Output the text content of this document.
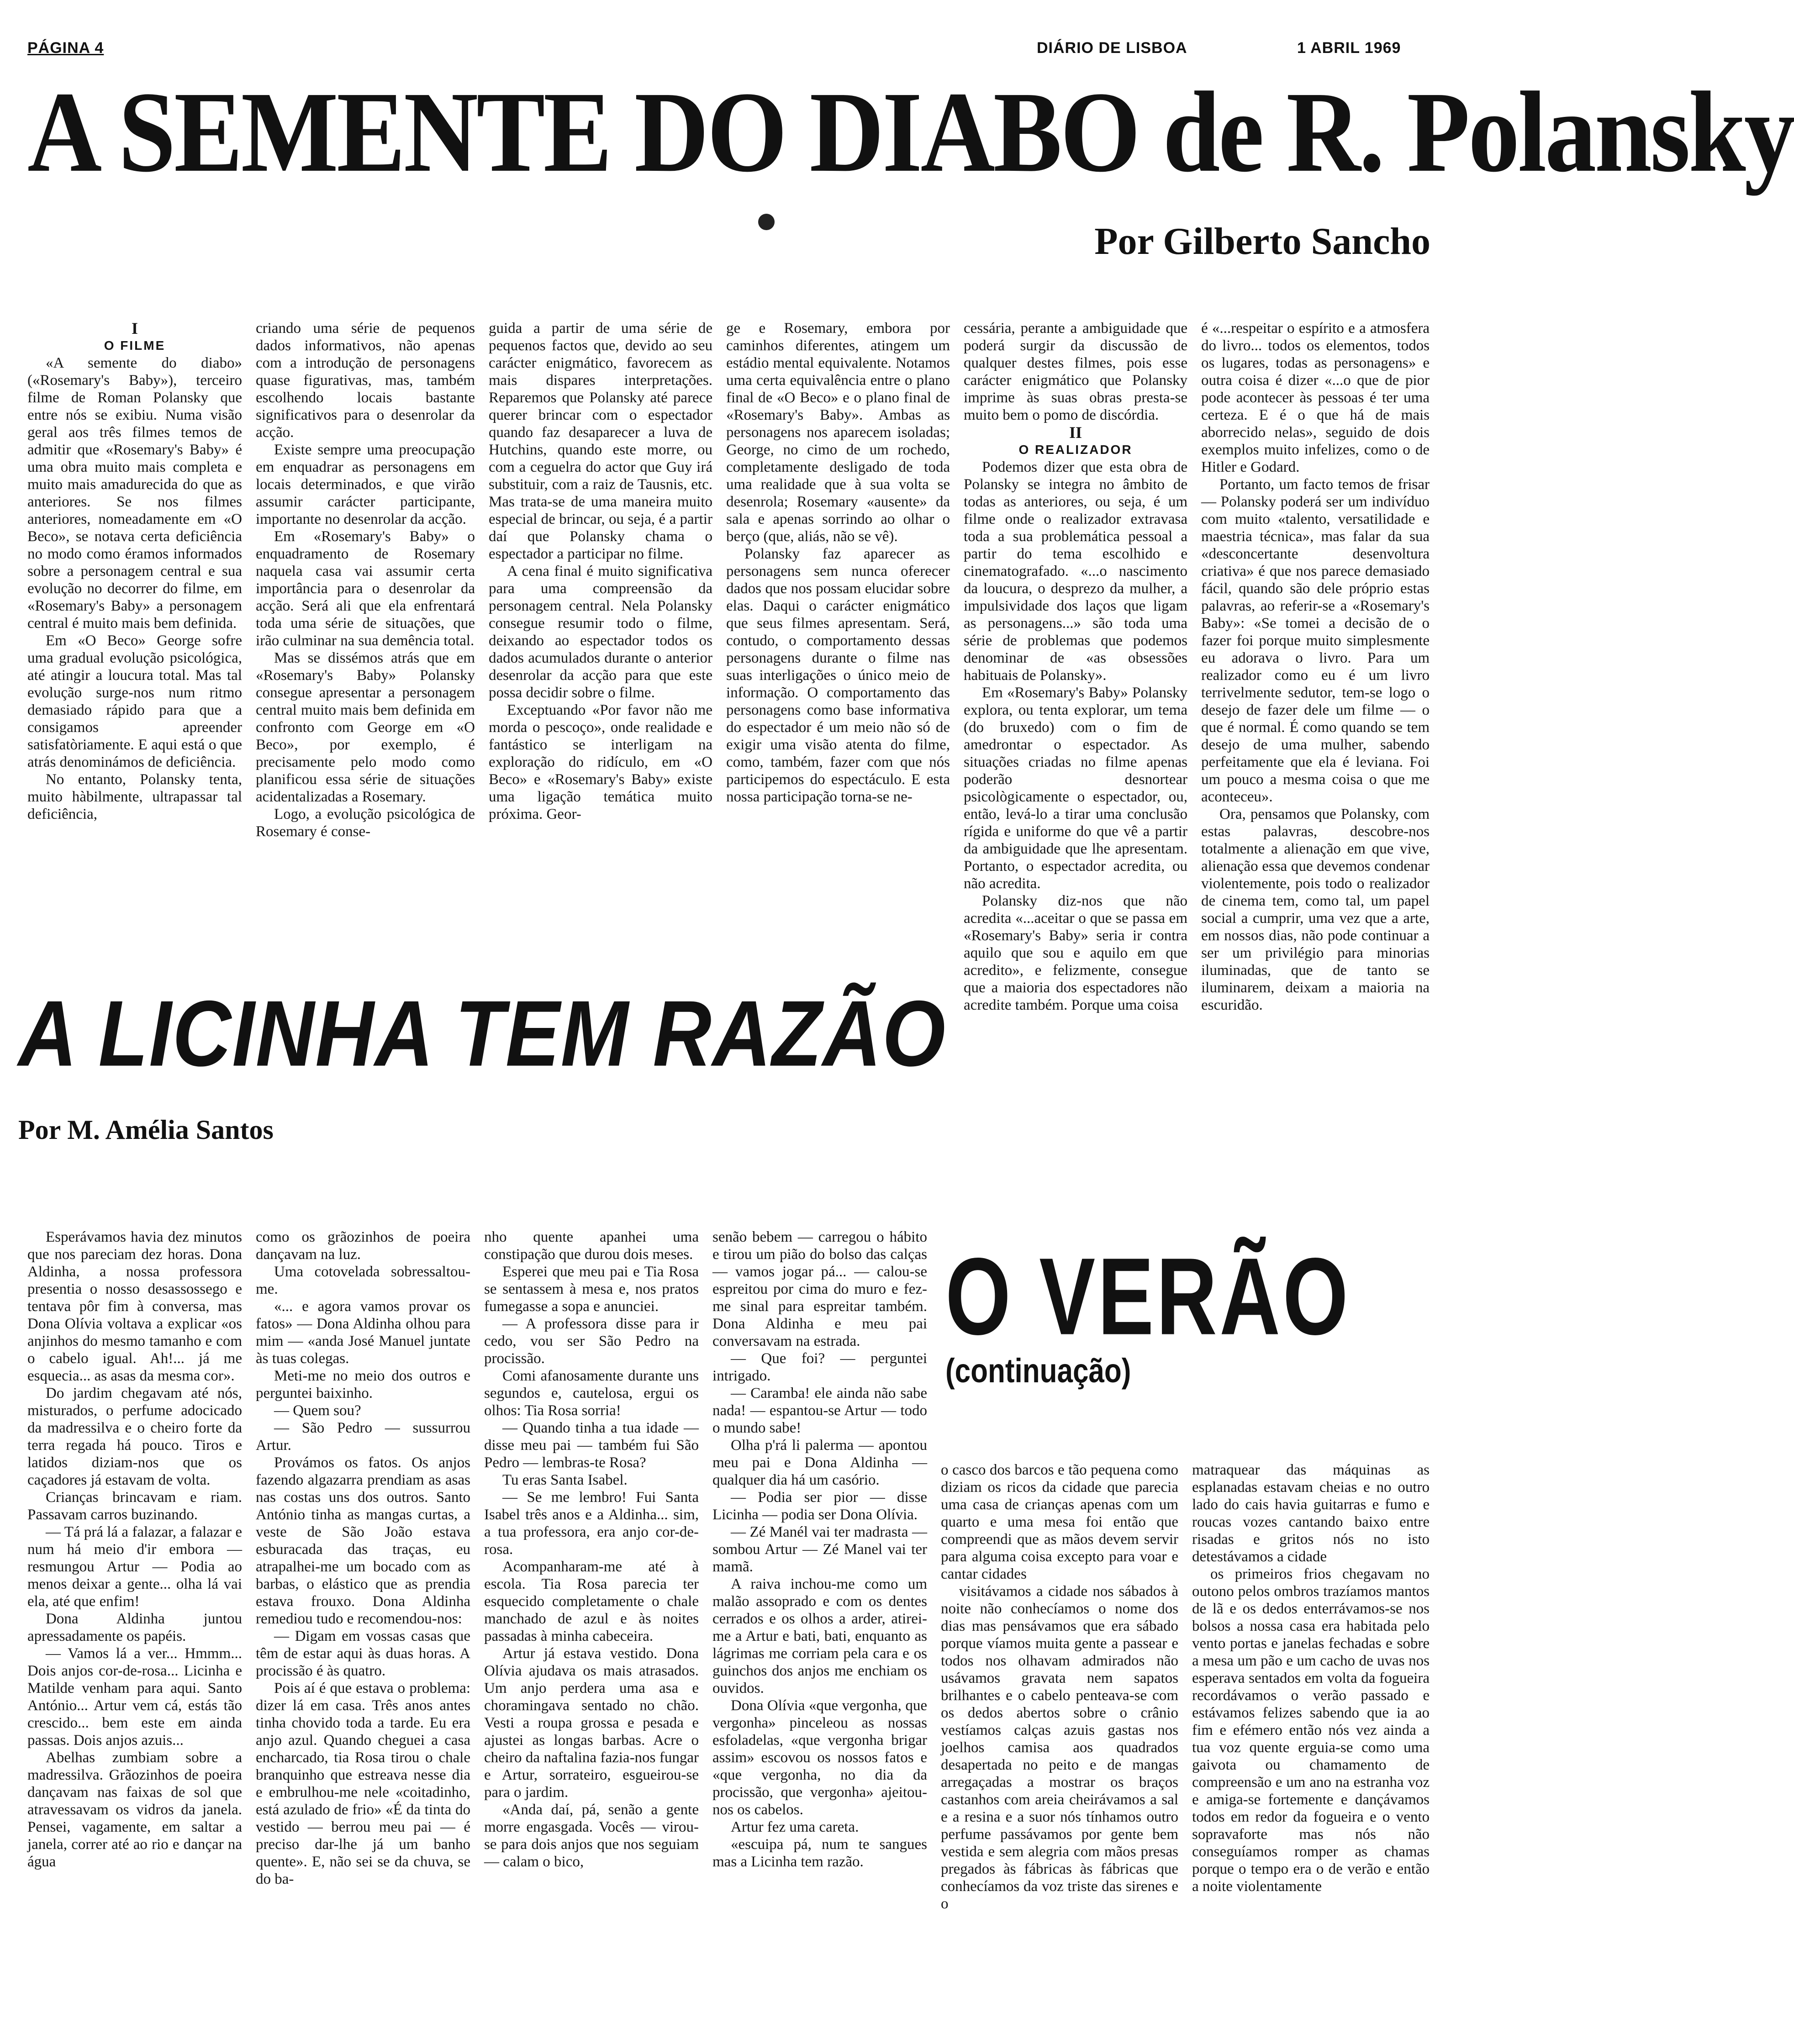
PÁGINA 4	DIÁRIO DE LISBOA	1 ABRIL 1969
A SEMENTE DO DIABO de R. Polansky
Por Gilberto Sancho

I

O FILME

«A semente do diabo» («Rosemary's Baby»), terceiro filme de Roman Polansky que entre nós se exibiu. Numa visão geral aos três filmes temos de admitir que «Rosemary's Baby» é uma obra muito mais completa e muito mais amadurecida do que as anteriores. Se nos filmes anteriores, nomeadamente em «O Beco», se notava certa deficiência no modo como éramos informados sobre a personagem central e sua evolução no decorrer do filme, em «Rosemary's Baby» a personagem central é muito mais bem definida.

Em «O Beco» George sofre uma gradual evolução psicológica, até atingir a loucura total. Mas tal evolução surge-nos num ritmo demasiado rápido para que a consigamos apreender satisfatòriamente. E aqui está o que atrás denominámos de deficiência.

No entanto, Polansky tenta, muito hàbilmente, ultrapassar tal deficiência,

criando uma série de pequenos dados informativos, não apenas com a introdução de personagens quase figurativas, mas, também escolhendo locais bastante significativos para o desenrolar da acção.

Existe sempre uma preocupação em enquadrar as personagens em locais determinados, e que virão assumir carácter participante, importante no desenrolar da acção.

Em «Rosemary's Baby» o enquadramento de Rosemary naquela casa vai assumir certa importância para o desenrolar da acção. Será ali que ela enfrentará toda uma série de situações, que irão culminar na sua demência total.

Mas se dissémos atrás que em «Rosemary's Baby» Polansky consegue apresentar a personagem central muito mais bem definida em confronto com George em «O Beco», por exemplo, é precisamente pelo modo como planificou essa série de situações acidentalizadas a Rosemary.

Logo, a evolução psicológica de Rosemary é conse-

guida a partir de uma série de pequenos factos que, devido ao seu carácter enigmático, favorecem as mais dispares interpretações. Reparemos que Polansky até parece querer brincar com o espectador quando faz desaparecer a luva de Hutchins, quando este morre, ou com a ceguelra do actor que Guy irá substituir, com a raiz de Tausnis, etc. Mas trata-se de uma maneira muito especial de brincar, ou seja, é a partir daí que Polansky chama o espectador a participar no filme.

A cena final é muito significativa para uma compreensão da personagem central. Nela Polansky consegue resumir todo o filme, deixando ao espectador todos os dados acumulados durante o anterior desenrolar da acção para que este possa decidir sobre o filme.

Exceptuando «Por favor não me morda o pescoço», onde realidade e fantástico se interligam na exploração do ridículo, em «O Beco» e «Rosemary's Baby» existe uma ligação temática muito próxima. Geor-

ge e Rosemary, embora por caminhos diferentes, atingem um estádio mental equivalente. Notamos uma certa equivalência entre o plano final de «O Beco» e o plano final de «Rosemary's Baby». Ambas as personagens nos aparecem isoladas; George, no cimo de um rochedo, completamente desligado de toda uma realidade que à sua volta se desenrola; Rosemary «ausente» da sala e apenas sorrindo ao olhar o berço (que, aliás, não se vê).

Polansky faz aparecer as personagens sem nunca oferecer dados que nos possam elucidar sobre elas. Daqui o carácter enigmático que seus filmes apresentam. Será, contudo, o comportamento dessas personagens durante o filme nas suas interligações o único meio de informação. O comportamento das personagens como base informativa do espectador é um meio não só de exigir uma visão atenta do filme, como, também, fazer com que nós participemos do espectáculo. E esta nossa participação torna-se ne-

cessária, perante a ambiguidade que poderá surgir da discussão de qualquer destes filmes, pois esse carácter enigmático que Polansky imprime às suas obras presta-se muito bem o pomo de discórdia.

II

O REALIZADOR

Podemos dizer que esta obra de Polansky se integra no âmbito de todas as anteriores, ou seja, é um filme onde o realizador extravasa toda a sua problemática pessoal a partir do tema escolhido e cinematografado. «...o nascimento da loucura, o desprezo da mulher, a impulsividade dos laços que ligam as personagens...» são toda uma série de problemas que podemos denominar de «as obsessões habituais de Polansky».

Em «Rosemary's Baby» Polansky explora, ou tenta explorar, um tema (do bruxedo) com o fim de amedrontar o espectador. As situações criadas no filme apenas poderão desnortear psicològicamente o espectador, ou, então, levá-lo a tirar uma conclusão rígida e uniforme do que vê a partir da ambiguidade que lhe apresentam. Portanto, o espectador acredita, ou não acredita.

Polansky diz-nos que não acredita «...aceitar o que se passa em «Rosemary's Baby» seria ir contra aquilo que sou e aquilo em que acredito», e felizmente, consegue que a maioria dos espectadores não acredite também. Porque uma coisa

é «...respeitar o espírito e a atmosfera do livro... todos os elementos, todos os lugares, todas as personagens» e outra coisa é dizer «...o que de pior pode acontecer às pessoas é ter uma certeza. E é o que há de mais aborrecido nelas», seguido de dois exemplos muito infelizes, como o de Hitler e Godard.

Portanto, um facto temos de frisar — Polansky poderá ser um indivíduo com muito «talento, versatilidade e maestria técnica», mas falar da sua «desconcertante desenvoltura criativa» é que nos parece demasiado fácil, quando são dele próprio estas palavras, ao referir-se a «Rosemary's Baby»: «Se tomei a decisão de o fazer foi porque muito simplesmente eu adorava o livro. Para um realizador como eu é um livro terrivelmente sedutor, tem-se logo o desejo de fazer dele um filme — o que é normal. É como quando se tem desejo de uma mulher, sabendo perfeitamente que ela é leviana. Foi um pouco a mesma coisa o que me aconteceu».

Ora, pensamos que Polansky, com estas palavras, descobre-nos totalmente a alienação em que vive, alienação essa que devemos condenar violentemente, pois todo o realizador de cinema tem, como tal, um papel social a cumprir, uma vez que a arte, em nossos dias, não pode continuar a ser um privilégio para minorias iluminadas, que de tanto se iluminarem, deixam a maioria na escuridão.

A LICINHA TEM RAZÃO
Por M. Amélia Santos

Esperávamos havia dez minutos que nos pareciam dez horas. Dona Aldinha, a nossa professora presentia o nosso desassossego e tentava pôr fim à conversa, mas Dona Olívia voltava a explicar «os anjinhos do mesmo tamanho e com o cabelo igual. Ah!... já me esquecia... as asas da mesma cor».

Do jardim chegavam até nós, misturados, o perfume adocicado da madressilva e o cheiro forte da terra regada há pouco. Tiros e latidos diziam-nos que os caçadores já estavam de volta.

Crianças brincavam e riam. Passavam carros buzinando.

— Tá prá lá a falazar, a falazar e num há meio d'ir embora — resmungou Artur — Podia ao menos deixar a gente... olha lá vai ela, até que enfim!

Dona Aldinha juntou apressadamente os papéis.

— Vamos lá a ver... Hmmm... Dois anjos cor-de-rosa... Licinha e Matilde venham para aqui. Santo António... Artur vem cá, estás tão crescido... bem este em ainda passas. Dois anjos azuis...

Abelhas zumbiam sobre a madressilva. Grãozinhos de poeira dançavam nas faixas de sol que atravessavam os vidros da janela. Pensei, vagamente, em saltar a janela, correr até ao rio e dançar na água

como os grãozinhos de poeira dançavam na luz.

Uma cotovelada sobressaltou-me.

«... e agora vamos provar os fatos» — Dona Aldinha olhou para mim — «anda José Manuel juntate às tuas colegas.

Meti-me no meio dos outros e perguntei baixinho.

— Quem sou?

— São Pedro — sussurrou Artur.

Provámos os fatos. Os anjos fazendo algazarra prendiam as asas nas costas uns dos outros. Santo António tinha as mangas curtas, a veste de São João estava esburacada das traças, eu atrapalhei-me um bocado com as barbas, o elástico que as prendia estava frouxo. Dona Aldinha remediou tudo e recomendou-nos:

— Digam em vossas casas que têm de estar aqui às duas horas. A procissão é às quatro.

Pois aí é que estava o problema: dizer lá em casa. Três anos antes tinha chovido toda a tarde. Eu era anjo azul. Quando cheguei a casa encharcado, tia Rosa tirou o chale branquinho que estreava nesse dia e embrulhou-me nele «coitadinho, está azulado de frio» «É da tinta do vestido — berrou meu pai — é preciso dar-lhe já um banho quente». E, não sei se da chuva, se do ba-

nho quente apanhei uma constipação que durou dois meses.

Esperei que meu pai e Tia Rosa se sentassem à mesa e, nos pratos fumegasse a sopa e anunciei.

— A professora disse para ir cedo, vou ser São Pedro na procissão.

Comi afanosamente durante uns segundos e, cautelosa, ergui os olhos: Tia Rosa sorria!

— Quando tinha a tua idade — disse meu pai — também fui São Pedro — lembras-te Rosa?

Tu eras Santa Isabel.

— Se me lembro! Fui Santa Isabel três anos e a Aldinha... sim, a tua professora, era anjo cor-de-rosa.

Acompanharam-me até à escola. Tia Rosa parecia ter esquecido completamente o chale manchado de azul e às noites passadas à minha cabeceira.

Artur já estava vestido. Dona Olívia ajudava os mais atrasados. Um anjo perdera uma asa e choramingava sentado no chão. Vesti a roupa grossa e pesada e ajustei as longas barbas. Acre o cheiro da naftalina fazia-nos fungar e Artur, sorrateiro, esgueirou-se para o jardim.

«Anda daí, pá, senão a gente morre engasgada. Vocês — virou-se para dois anjos que nos seguiam — calam o bico,

senão bebem — carregou o hábito e tirou um pião do bolso das calças — vamos jogar pá... — calou-se espreitou por cima do muro e fez-me sinal para espreitar também. Dona Aldinha e meu pai conversavam na estrada.

— Que foi? — perguntei intrigado.

— Caramba! ele ainda não sabe nada! — espantou-se Artur — todo o mundo sabe!

Olha p'rá li palerma — apontou meu pai e Dona Aldinha — qualquer dia há um casório.

— Podia ser pior — disse Licinha — podia ser Dona Olívia.

— Zé Manél vai ter madrasta — sombou Artur — Zé Manel vai ter mamã.

A raiva inchou-me como um malão assoprado e com os dentes cerrados e os olhos a arder, atirei-me a Artur e bati, bati, enquanto as lágrimas me corriam pela cara e os guinchos dos anjos me enchiam os ouvidos.

Dona Olívia «que vergonha, que vergonha» pinceleou as nossas esfoladelas, «que vergonha brigar assim» escovou os nossos fatos e «que vergonha, no dia da procissão, que vergonha» ajeitou-nos os cabelos.

Artur fez uma careta.

«escuipa pá, num te sangues mas a Licinha tem razão.

O VERÃO
(continuação)

o casco dos barcos e tão pequena como diziam os ricos da cidade que parecia uma casa de crianças apenas com um quarto e uma mesa foi então que compreendi que as mãos devem servir para alguma coisa excepto para voar e cantar cidades

visitávamos a cidade nos sábados à noite não conhecíamos o nome dos dias mas pensávamos que era sábado porque víamos muita gente a passear e todos nos olhavam admirados não usávamos gravata nem sapatos brilhantes e o cabelo penteava-se com os dedos abertos sobre o crânio vestíamos calças azuis gastas nos joelhos camisa aos quadrados desapertada no peito e de mangas arregaçadas a mostrar os braços castanhos com areia cheirávamos a sal e a resina e a suor nós tínhamos outro perfume passávamos por gente bem vestida e sem alegria com mãos presas pregados às fábricas às fábricas que conhecíamos da voz triste das sirenes e o

matraquear das máquinas as esplanadas estavam cheias e no outro lado do cais havia guitarras e fumo e roucas vozes cantando baixo entre risadas e gritos nós no isto detestávamos a cidade

os primeiros frios chegavam no outono pelos ombros trazíamos mantos de lã e os dedos enterrávamos-se nos bolsos a nossa casa era habitada pelo vento portas e janelas fechadas e sobre a mesa um pão e um cacho de uvas nos esperava sentados em volta da fogueira recordávamos o verão passado e estávamos felizes sabendo que ia ao fim e efémero então nós vez ainda a tua voz quente erguia-se como uma gaivota ou chamamento de compreensão e um ano na estranha voz e amiga-se fortemente e dançávamos todos em redor da fogueira e o vento sopravaforte mas nós não conseguíamos romper as chamas porque o tempo era o de verão e então a noite violentamente
